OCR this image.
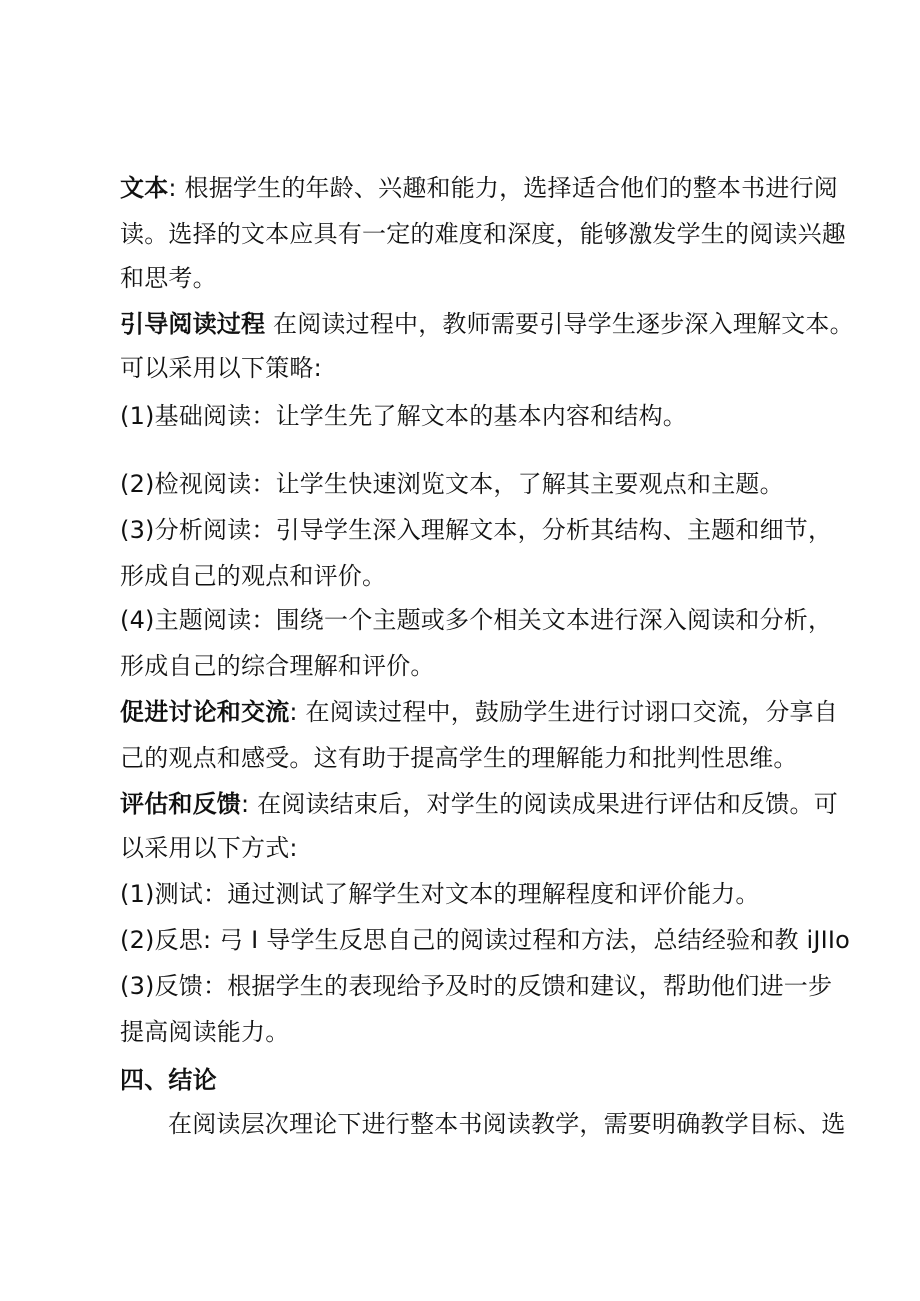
文本: 根据学生的年龄、兴趣和能力，选择适合他们的整本书进行阅
读。选择的文本应具有一定的难度和深度，能够激发学生的阅读兴趣
和思考。
引导阅读过程 在阅读过程中，教师需要引导学生逐步深入理解文本。
可以采用以下策略:
(1)基础阅读：让学生先了解文本的基本内容和结构。
(2)检视阅读：让学生快速浏览文本，了解其主要观点和主题。
(3)分析阅读：引导学生深入理解文本，分析其结构、主题和细节，
形成自己的观点和评价。
(4)主题阅读：围绕一个主题或多个相关文本进行深入阅读和分析，
形成自己的综合理解和评价。
促进讨论和交流: 在阅读过程中，鼓励学生进行讨诩口交流，分享自
己的观点和感受。这有助于提高学生的理解能力和批判性思维。
评估和反馈: 在阅读结束后，对学生的阅读成果进行评估和反馈。可
以采用以下方式:
(1)测试：通过测试了解学生对文本的理解程度和评价能力。
(2)反思: 弓 I 导学生反思自己的阅读过程和方法，总结经验和教 iJIIo
(3)反馈：根据学生的表现给予及时的反馈和建议，帮助他们进一步
提高阅读能力。
四、结论
在阅读层次理论下进行整本书阅读教学，需要明确教学目标、选
